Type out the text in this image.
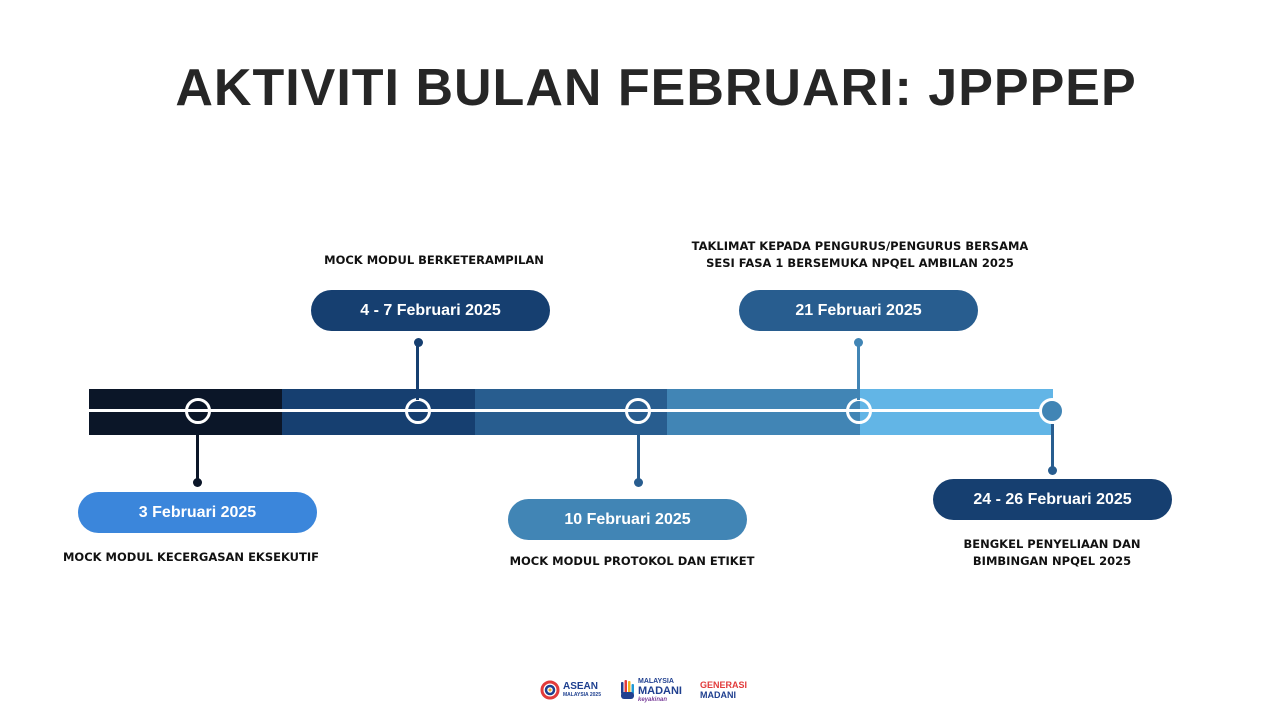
AKTIVITI BULAN FEBRUARI: JPPPEP
3 Februari 2025
MOCK MODUL KECERGASAN EKSEKUTIF
4 - 7 Februari 2025
MOCK MODUL BERKETERAMPILAN
10 Februari 2025
MOCK MODUL PROTOKOL DAN ETIKET
21 Februari 2025
TAKLIMAT KEPADA PENGURUS/PENGURUS BERSAMA
SESI FASA 1 BERSEMUKA NPQEL AMBILAN 2025
24 - 26 Februari 2025
BENGKEL PENYELIAAN DAN
BIMBINGAN NPQEL 2025
ASEAN
MALAYSIA 2025
MALAYSIA
MADANI
keyakinan
GENERASI
MADANI
